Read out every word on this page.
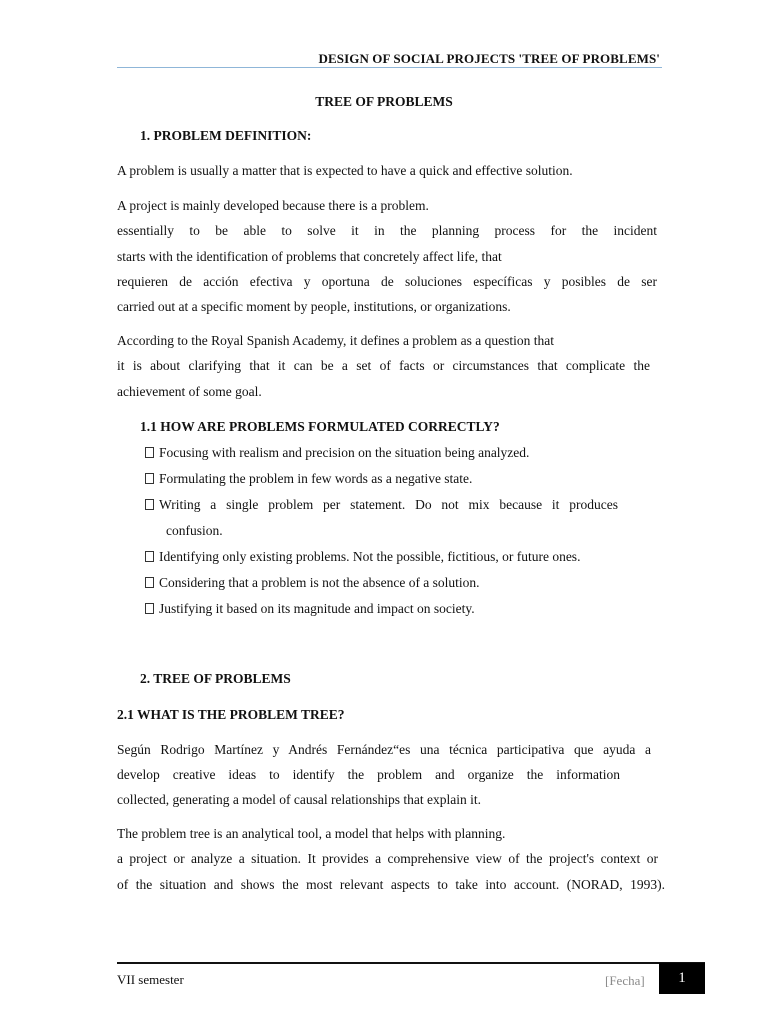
DESIGN OF SOCIAL PROJECTS 'TREE OF PROBLEMS'
TREE OF PROBLEMS
1. PROBLEM DEFINITION:
A problem is usually a matter that is expected to have a quick and effective solution.
A project is mainly developed because there is a problem.
essentially to be able to solve it in the planning process for the incident
starts with the identification of problems that concretely affect life, that
requieren de acción efectiva y oportuna de soluciones específicas y posibles de ser
carried out at a specific moment by people, institutions, or organizations.
According to the Royal Spanish Academy, it defines a problem as a question that
it is about clarifying that it can be a set of facts or circumstances that complicate the
achievement of some goal.
1.1 HOW ARE PROBLEMS FORMULATED CORRECTLY?
Focusing with realism and precision on the situation being analyzed.
Formulating the problem in few words as a negative state.
Writing a single problem per statement. Do not mix because it produces
confusion.
Identifying only existing problems. Not the possible, fictitious, or future ones.
Considering that a problem is not the absence of a solution.
Justifying it based on its magnitude and impact on society.
2. TREE OF PROBLEMS
2.1 WHAT IS THE PROBLEM TREE?
Según Rodrigo Martínez y Andrés Fernández“es una técnica participativa que ayuda a
develop creative ideas to identify the problem and organize the information
collected, generating a model of causal relationships that explain it.
The problem tree is an analytical tool, a model that helps with planning.
a project or analyze a situation. It provides a comprehensive view of the project's context or
of the situation and shows the most relevant aspects to take into account. (NORAD, 1993).
VII semester	[Fecha]	1
